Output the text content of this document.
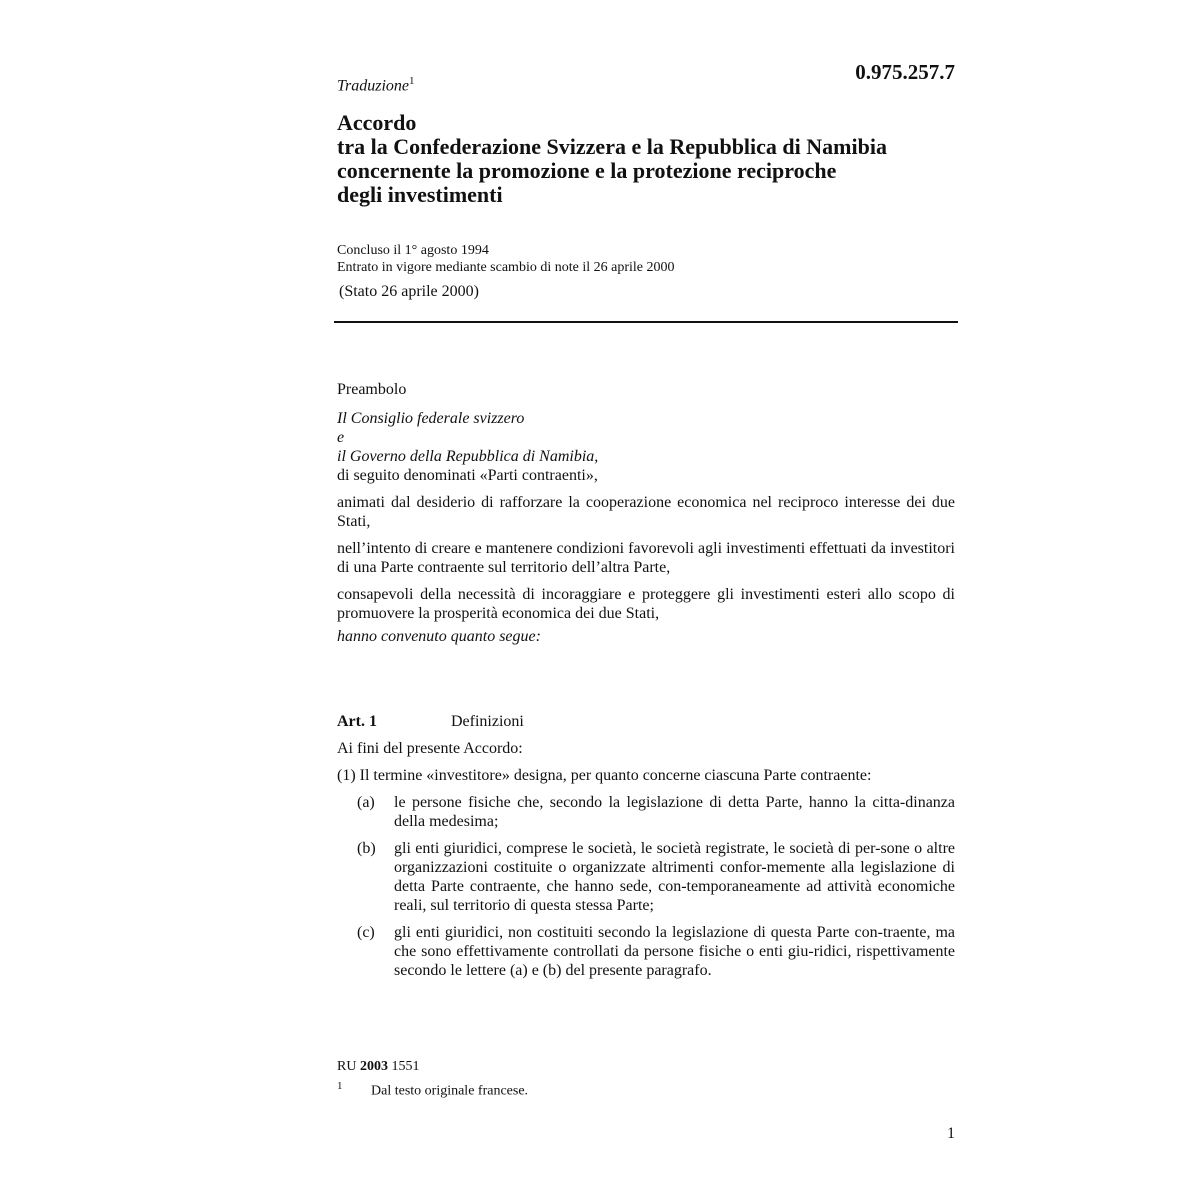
0.975.257.7
Traduzione$^1$
Accordo
tra la Confederazione Svizzera e la Repubblica di Namibia
concernente la promozione e la protezione reciproche
degli investimenti
Concluso il 1° agosto 1994
Entrato in vigore mediante scambio di note il 26 aprile 2000
(Stato 26 aprile 2000)

Preambolo

Il Consiglio federale svizzero

e

il Governo della Repubblica di Namibia,

di seguito denominati «Parti contraenti»,

animati dal desiderio di rafforzare la cooperazione economica nel reciproco interesse dei due Stati,

nell’intento di creare e mantenere condizioni favorevoli agli investimenti effettuati da investitori di una Parte contraente sul territorio dell’altra Parte,

consapevoli della necessità di incoraggiare e proteggere gli investimenti esteri allo scopo di promuovere la prosperità economica dei due Stati,

hanno convenuto quanto segue:

Art. 1	Definizioni

Ai fini del presente Accordo:

(1) Il termine «investitore» designa, per quanto concerne ciascuna Parte contraente:

(a)	le persone fisiche che, secondo la legislazione di detta Parte, hanno la citta-dinanza della medesima;
(b)	gli enti giuridici, comprese le società, le società registrate, le società di per-sone o altre organizzazioni costituite o organizzate altrimenti confor-memente alla legislazione di detta Parte contraente, che hanno sede, con-temporaneamente ad attività economiche reali, sul territorio di questa stessa Parte;
(c)	gli enti giuridici, non costituiti secondo la legislazione di questa Parte con-traente, ma che sono effettivamente controllati da persone fisiche o enti giu-ridici, rispettivamente secondo le lettere (a) e (b) del presente paragrafo.
RU 2003 1551
1 Dal testo originale francese.
1
